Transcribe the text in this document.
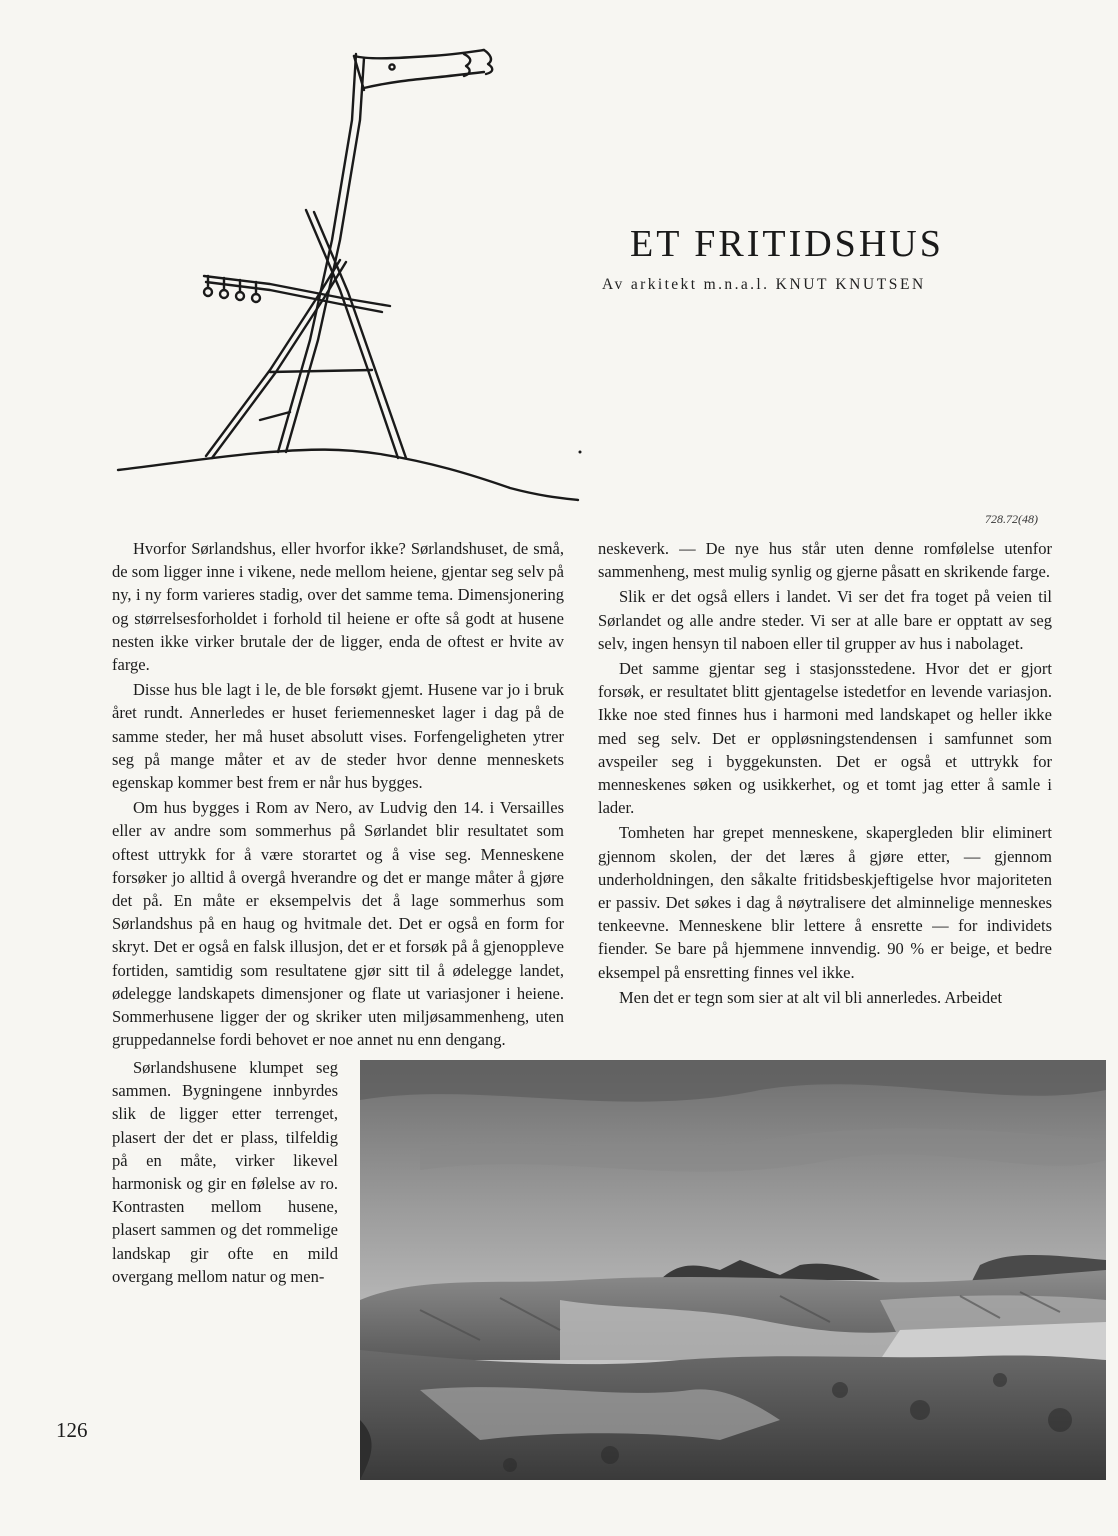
ET FRITIDSHUS
Av arkitekt m.n.a.l. KNUT KNUTSEN
728.72(48)

Hvorfor Sørlandshus, eller hvorfor ikke? Sørlandshuset, de små, de som ligger inne i vikene, nede mellom heiene, gjentar seg selv på ny, i ny form varieres stadig, over det samme tema. Dimensjonering og størrelsesforholdet i forhold til heiene er ofte så godt at husene nesten ikke virker brutale der de ligger, enda de oftest er hvite av farge.

Disse hus ble lagt i le, de ble forsøkt gjemt. Husene var jo i bruk året rundt. Annerledes er huset feriemennesket lager i dag på de samme steder, her må huset absolutt vises. Forfengeligheten ytrer seg på mange måter et av de steder hvor denne menneskets egenskap kommer best frem er når hus bygges.

Om hus bygges i Rom av Nero, av Ludvig den 14. i Versailles eller av andre som sommerhus på Sørlandet blir resultatet som oftest uttrykk for å være storartet og å vise seg. Menneskene forsøker jo alltid å overgå hverandre og det er mange måter å gjøre det på. En måte er eksempelvis det å lage sommerhus som Sørlandshus på en haug og hvitmale det. Det er også en form for skryt. Det er også en falsk illusjon, det er et forsøk på å gjenoppleve fortiden, samtidig som resultatene gjør sitt til å ødelegge landet, ødelegge landskapets dimensjoner og flate ut variasjoner i heiene. Sommerhusene ligger der og skriker uten miljøsammenheng, uten gruppedannelse fordi behovet er noe annet nu enn dengang.

Sørlandshusene klumpet seg sammen. Bygningene innbyrdes slik de ligger etter terrenget, plasert der det er plass, tilfeldig på en måte, virker likevel harmonisk og gir en følelse av ro. Kontrasten mellom husene, plasert sammen og det rommelige landskap gir ofte en mild overgang mellom natur og men-

neskeverk. — De nye hus står uten denne romfølelse utenfor sammenheng, mest mulig synlig og gjerne påsatt en skrikende farge.

Slik er det også ellers i landet. Vi ser det fra toget på veien til Sørlandet og alle andre steder. Vi ser at alle bare er opptatt av seg selv, ingen hensyn til naboen eller til grupper av hus i nabolaget.

Det samme gjentar seg i stasjonsstedene. Hvor det er gjort forsøk, er resultatet blitt gjentagelse istedetfor en levende variasjon. Ikke noe sted finnes hus i harmoni med landskapet og heller ikke med seg selv. Det er oppløsningstendensen i samfunnet som avspeiler seg i byggekunsten. Det er også et uttrykk for menneskenes søken og usikkerhet, og et tomt jag etter å samle i lader.

Tomheten har grepet menneskene, skapergleden blir eliminert gjennom skolen, der det læres å gjøre etter, — gjennom underholdningen, den såkalte fritidsbeskjeftigelse hvor majoriteten er passiv. Det søkes i dag å nøytralisere det alminnelige menneskes tenkeevne. Menneskene blir lettere å ensrette — for individets fiender. Se bare på hjemmene innvendig. 90 % er beige, et bedre eksempel på ensretting finnes vel ikke.

Men det er tegn som sier at alt vil bli annerledes. Arbeidet

126
